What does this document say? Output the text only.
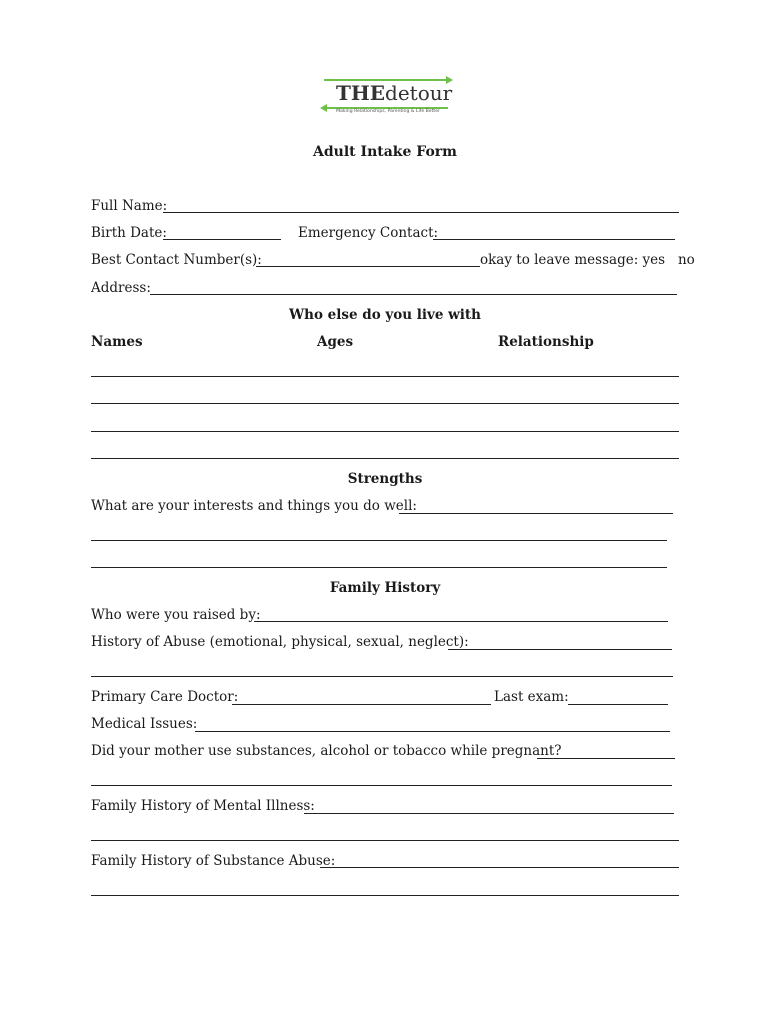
THEdetour
Making Relationships, Parenting & Life Better
Adult Intake Form
Full Name:
Birth Date:	Emergency Contact:
Best Contact Number(s):	okay to leave message: yes   no
Address:
Who else do you live with
Names	Ages	Relationship
Strengths
What are your interests and things you do well:
Family History
Who were you raised by:
History of Abuse (emotional, physical, sexual, neglect):
Primary Care Doctor:	Last exam:
Medical Issues:
Did your mother use substances, alcohol or tobacco while pregnant?
Family History of Mental Illness:
Family History of Substance Abuse:
